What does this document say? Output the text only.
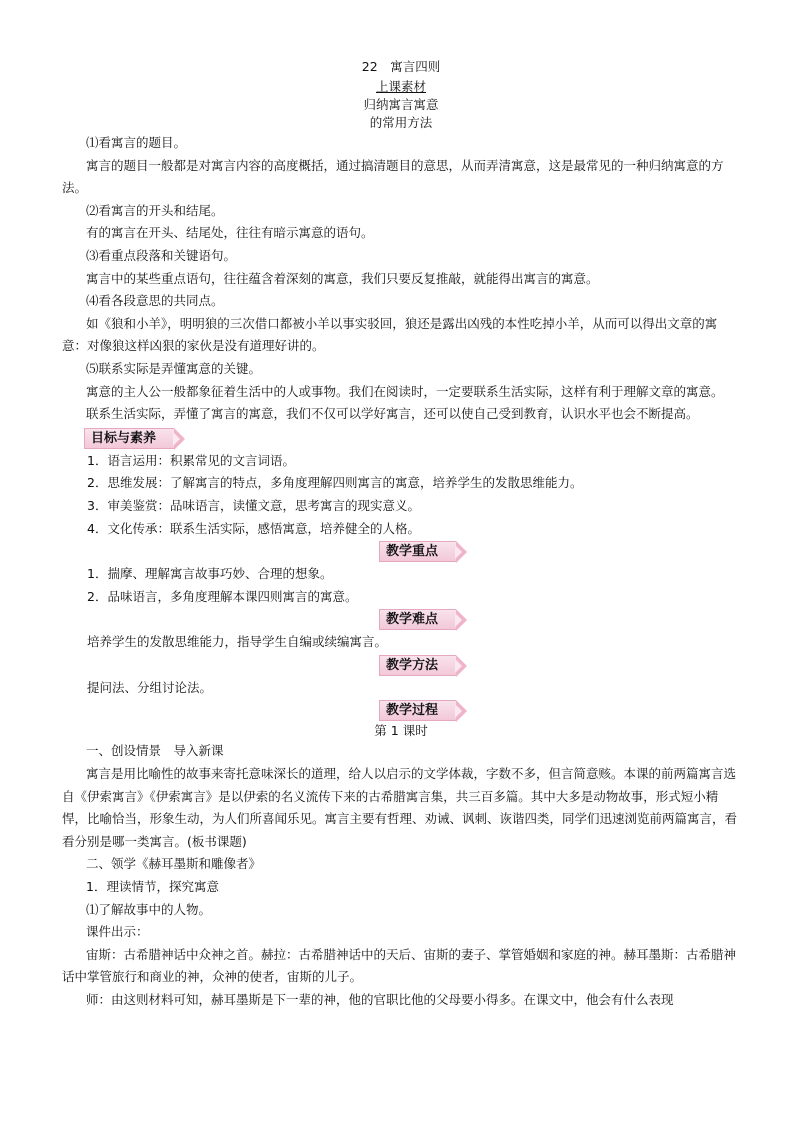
22　寓言四则
上课素材
归纳寓言寓意
的常用方法

⑴看寓言的题目。

寓言的题目一般都是对寓言内容的高度概括，通过搞清题目的意思，从而弄清寓意，这是最常见的一种归纳寓意的方法。

⑵看寓言的开头和结尾。

有的寓言在开头、结尾处，往往有暗示寓意的语句。

⑶看重点段落和关键语句。

寓言中的某些重点语句，往往蕴含着深刻的寓意，我们只要反复推敲，就能得出寓言的寓意。

⑷看各段意思的共同点。

如《狼和小羊》，明明狼的三次借口都被小羊以事实驳回，狼还是露出凶残的本性吃掉小羊，从而可以得出文章的寓意：对像狼这样凶狠的家伙是没有道理好讲的。

⑸联系实际是弄懂寓意的关键。

寓意的主人公一般都象征着生活中的人或事物。我们在阅读时，一定要联系生活实际，这样有利于理解文章的寓意。

联系生活实际，弄懂了寓言的寓意，我们不仅可以学好寓言，还可以使自己受到教育，认识水平也会不断提高。

目标与素养

1．语言运用：积累常见的文言词语。

2．思维发展：了解寓言的特点，多角度理解四则寓言的寓意，培养学生的发散思维能力。

3．审美鉴赏：品味语言，读懂文意，思考寓言的现实意义。

4．文化传承：联系生活实际，感悟寓意，培养健全的人格。

教学重点

1．揣摩、理解寓言故事巧妙、合理的想象。

2．品味语言，多角度理解本课四则寓言的寓意。

教学难点

培养学生的发散思维能力，指导学生自编或续编寓言。

教学方法

提问法、分组讨论法。

教学过程
第 1 课时

一、创设情景　导入新课

寓言是用比喻性的故事来寄托意味深长的道理，给人以启示的文学体裁，字数不多，但言简意赅。本课的前两篇寓言选自《伊索寓言》《伊索寓言》是以伊索的名义流传下来的古希腊寓言集，共三百多篇。其中大多是动物故事，形式短小精悍，比喻恰当，形象生动，为人们所喜闻乐见。寓言主要有哲理、劝诫、讽刺、诙谐四类，同学们迅速浏览前两篇寓言，看看分别是哪一类寓言。(板书课题)

二、领学《赫耳墨斯和雕像者》

1．理读情节，探究寓意

⑴了解故事中的人物。

课件出示：

宙斯：古希腊神话中众神之首。赫拉：古希腊神话中的天后、宙斯的妻子、掌管婚姻和家庭的神。赫耳墨斯：古希腊神话中掌管旅行和商业的神，众神的使者，宙斯的儿子。

师：由这则材料可知，赫耳墨斯是下一辈的神，他的官职比他的父母要小得多。在课文中，他会有什么表现
